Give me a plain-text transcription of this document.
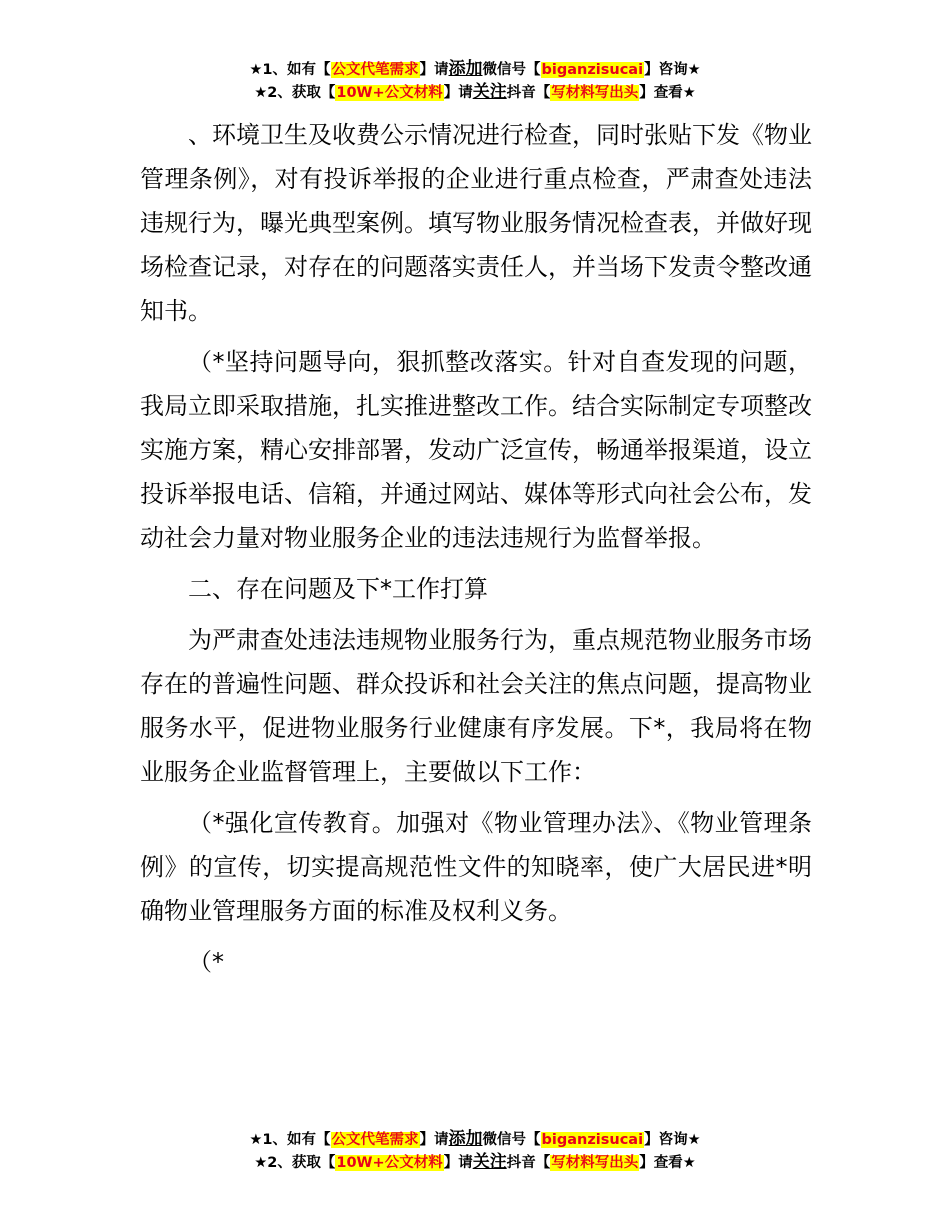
★1、如有【公文代笔需求】请添加微信号【biganzisucai】咨询★
★2、获取【10W+公文材料】请关注抖音【写材料写出头】查看★

、环境卫生及收费公示情况进行检查，同时张贴下发《物业管理条例》，对有投诉举报的企业进行重点检查，严肃查处违法违规行为，曝光典型案例。填写物业服务情况检查表，并做好现场检查记录，对存在的问题落实责任人，并当场下发责令整改通知书。

（*坚持问题导向，狠抓整改落实。针对自查发现的问题，我局立即采取措施，扎实推进整改工作。结合实际制定专项整改实施方案，精心安排部署，发动广泛宣传，畅通举报渠道，设立投诉举报电话、信箱，并通过网站、媒体等形式向社会公布，发动社会力量对物业服务企业的违法违规行为监督举报。

二、存在问题及下*工作打算

为严肃查处违法违规物业服务行为，重点规范物业服务市场存在的普遍性问题、群众投诉和社会关注的焦点问题，提高物业服务水平，促进物业服务行业健康有序发展。下*，我局将在物业服务企业监督管理上，主要做以下工作：

（*强化宣传教育。加强对《物业管理办法》、《物业管理条例》的宣传，切实提高规范性文件的知晓率，使广大居民进*明确物业管理服务方面的标准及权利义务。

（*

★1、如有【公文代笔需求】请添加微信号【biganzisucai】咨询★
★2、获取【10W+公文材料】请关注抖音【写材料写出头】查看★
